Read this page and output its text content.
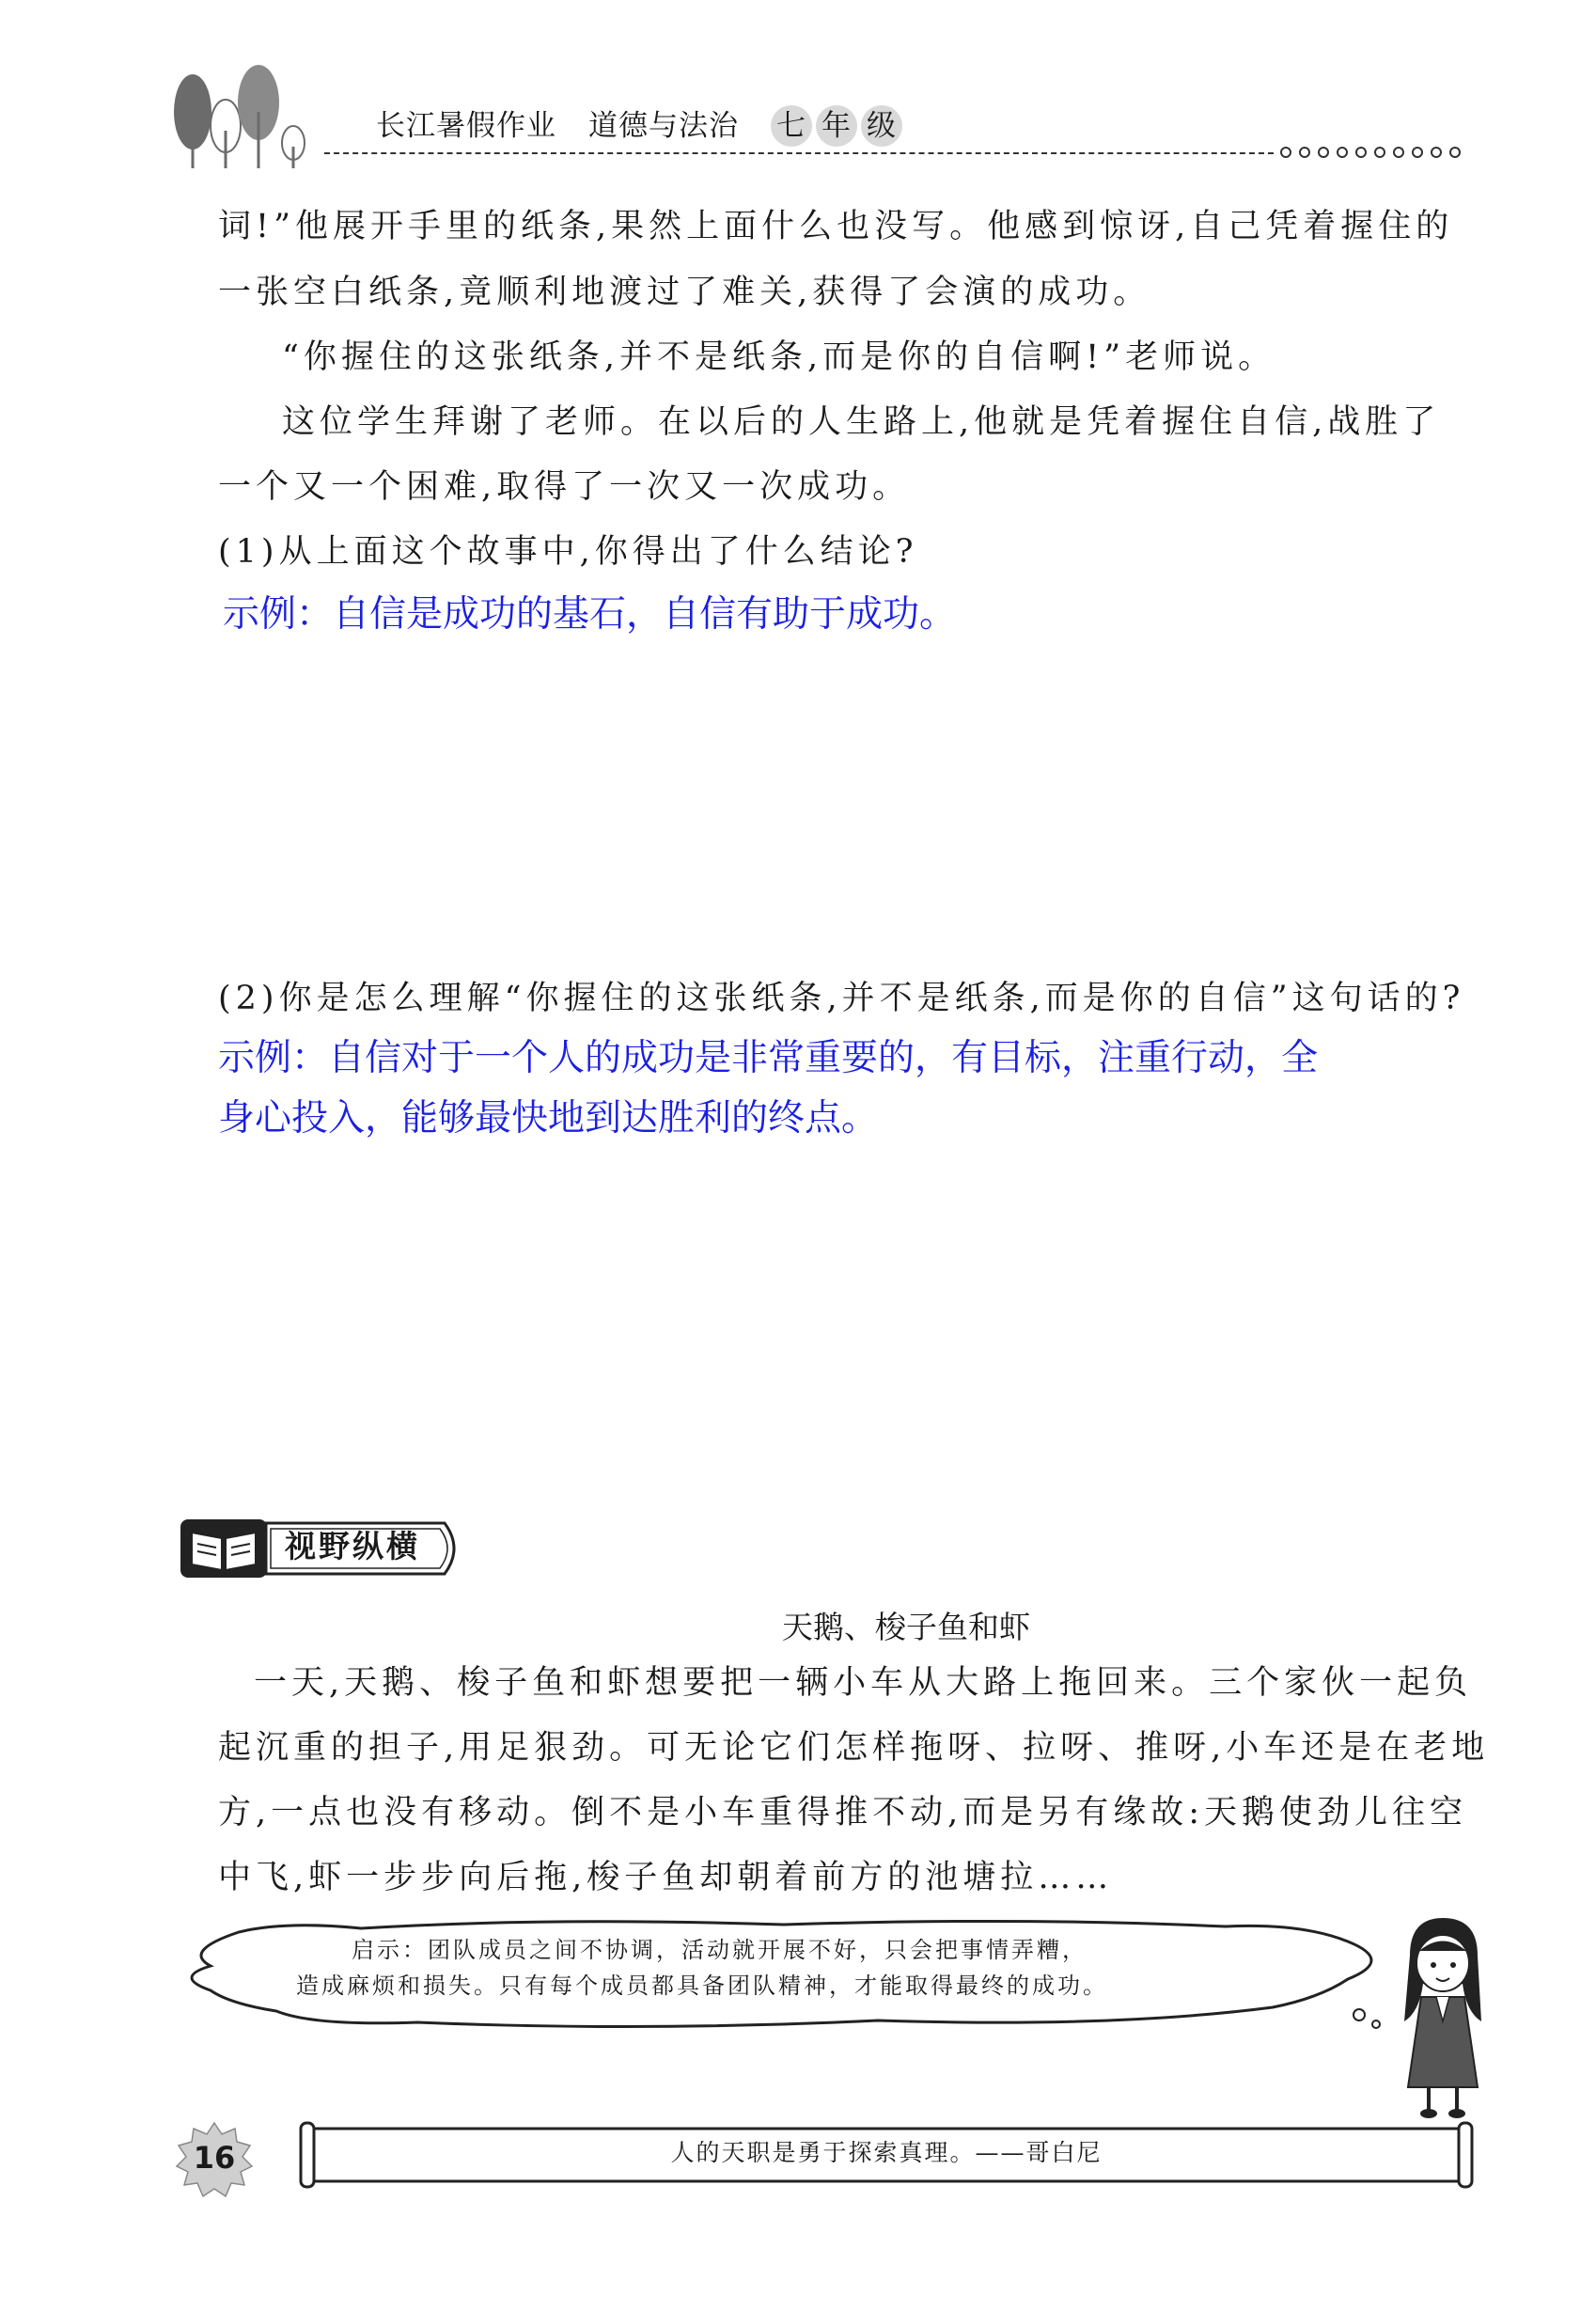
长江暑假作业 道德与法治 七 年 级
词!”他展开手里的纸条,果然上面什么也没写。他感到惊讶,自己凭着握住的
一张空白纸条,竟顺利地渡过了难关,获得了会演的成功。
“你握住的这张纸条,并不是纸条,而是你的自信啊!”老师说。
这位学生拜谢了老师。在以后的人生路上,他就是凭着握住自信,战胜了
一个又一个困难,取得了一次又一次成功。
(1)从上面这个故事中,你得出了什么结论?
示例：自信是成功的基石，自信有助于成功。
(2)你是怎么理解“你握住的这张纸条,并不是纸条,而是你的自信”这句话的?
示例：自信对于一个人的成功是非常重要的，有目标，注重行动，全
身心投入，能够最快地到达胜利的终点。
视野纵横
天鹅、梭子鱼和虾
一天,天鹅、梭子鱼和虾想要把一辆小车从大路上拖回来。三个家伙一起负
起沉重的担子,用足狠劲。可无论它们怎样拖呀、拉呀、推呀,小车还是在老地
方,一点也没有移动。倒不是小车重得推不动,而是另有缘故:天鹅使劲儿往空
中飞,虾一步步向后拖,梭子鱼却朝着前方的池塘拉……
启示：团队成员之间不协调，活动就开展不好，只会把事情弄糟，
造成麻烦和损失。只有每个成员都具备团队精神，才能取得最终的成功。
16	人的天职是勇于探索真理。——哥白尼
